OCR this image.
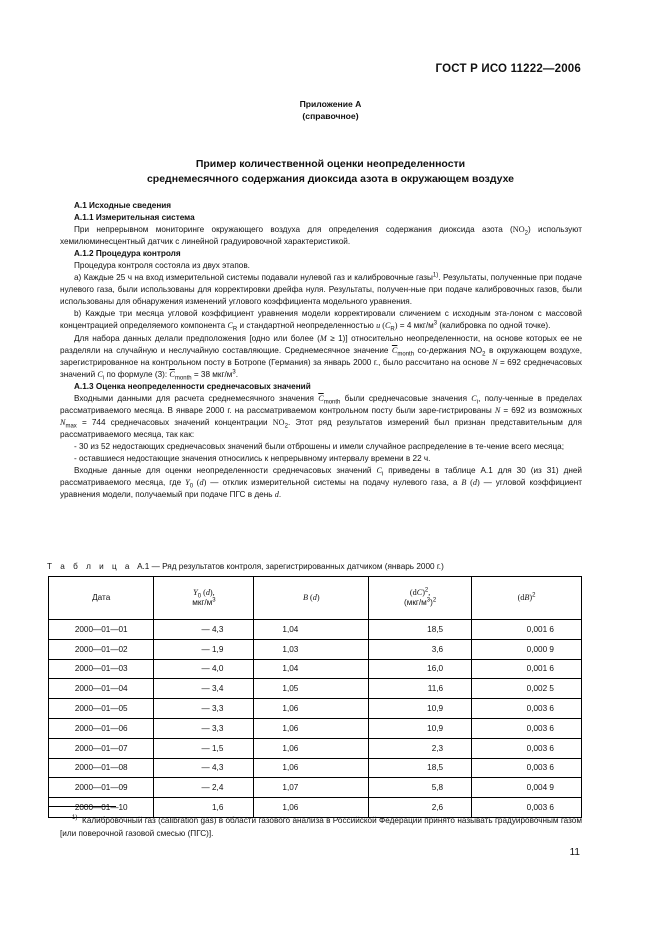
ГОСТ Р ИСО 11222—2006
Приложение А
(справочное)
Пример количественной оценки неопределенности
среднемесячного содержания диоксида азота в окружающем воздухе

А.1 Исходные сведения

А.1.1 Измерительная система

При непрерывном мониторинге окружающего воздуха для определения содержания диоксида азота $(NO_2)$ используют хемилюминесцентный датчик с линейной градуировочной характеристикой.

А.1.2 Процедура контроля

Процедура контроля состояла из двух этапов.

а) Каждые 25 ч на вход измерительной системы подавали нулевой газ и калибровочные газы$^{1)}$. Результаты, полученные при подаче нулевого газа, были использованы для корректировки дрейфа нуля. Результаты, получен-ные при подаче калибровочных газов, были использованы для обнаружения изменений углового коэффициента модельного уравнения.

b) Каждые три месяца угловой коэффициент уравнения модели корректировали сличением с исходным эта-лоном с массовой концентрацией определяемого компонента $C_R$ и стандартной неопределенностью u $(C_R) = 4$ мкг/$м^3$ (калибровка по одной точке).

Для набора данных делали предположения [одно или более (M ≥ 1)] относительно неопределенности, на основе которых ее не разделяли на случайную и неслучайную составляющие. Среднемесячное значение $\overline{C}_{month}$ со-держания $NO_2$ в окружающем воздухе, зарегистрированное на контрольном посту в Ботропе (Германия) за январь 2000 г., было рассчитано на основе N = 692 среднечасовых значений $C_i$ по формуле (3): $\overline{C}_{month} = 38$ мкг/$м^3$.

А.1.3 Оценка неопределенности среднечасовых значений

Входными данными для расчета среднемесячного значения $\overline{C}_{month}$ были среднечасовые значения $C_i$, полу-ченные в пределах рассматриваемого месяца. В январе 2000 г. на рассматриваемом контрольном посту были заре-гистрированы N = 692 из возможных $N_{max} = 744$ среднечасовых значений концентрации $NO_2$. Этот ряд результатов измерений был признан представительным для рассматриваемого месяца, так как:

- 30 из 52 недостающих среднечасовых значений были отброшены и имели случайное распределение в те-чение всего месяца;

- оставшиеся недостающие значения относились к непрерывному интервалу времени в 22 ч.

Входные данные для оценки неопределенности среднечасовых значений $C_i$ приведены в таблице А.1 для 30 (из 31) дней рассматриваемого месяца, где $Y_0$ (d) — отклик измерительной системы на подачу нулевого газа, а B (d) — угловой коэффициент уравнения модели, получаемый при подаче ПГС в день d.

Т а б л и ц а А.1 — Ряд результатов контроля, зарегистрированных датчиком (январь 2000 г.)
Дата	$Y_0$ (d),
мкг/$м^3$	B (d)	(dC)$^2$,
$(мкг/м^3)^2$	(dB)$^2$
2000—01—01	— 4,3	1,04	18,5	0,001 6
2000—01—02	— 1,9	1,03	3,6	0,000 9
2000—01—03	— 4,0	1,04	16,0	0,001 6
2000—01—04	— 3,4	1,05	11,6	0,002 5
2000—01—05	— 3,3	1,06	10,9	0,003 6
2000—01—06	— 3,3	1,06	10,9	0,003 6
2000—01—07	— 1,5	1,06	2,3	0,003 6
2000—01—08	— 4,3	1,06	18,5	0,003 6
2000—01—09	— 2,4	1,07	5,8	0,004 9
2000—01—10	1,6	1,06	2,6	0,003 6
$^{1)}$ Калибровочный газ (calibration gas) в области газового анализа в Российской Федерации принято называть градуировочным газом [или поверочной газовой смесью (ПГС)].
11
